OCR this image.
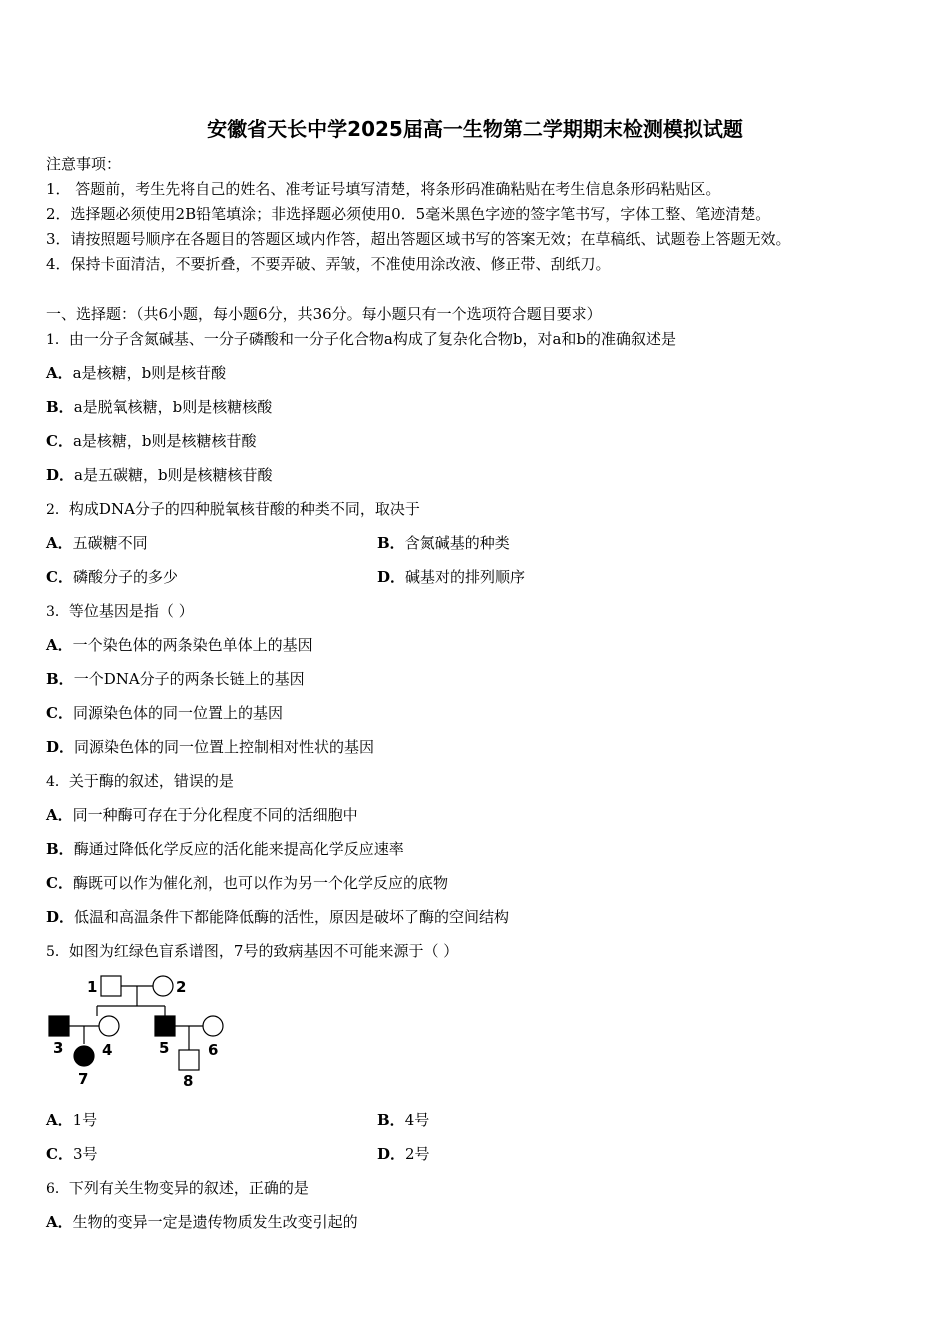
安徽省天长中学2025届高一生物第二学期期末检测模拟试题
注意事项：
1． 答题前，考生先将自己的姓名、准考证号填写清楚，将条形码准确粘贴在考生信息条形码粘贴区。
2．选择题必须使用2B铅笔填涂；非选择题必须使用0．5毫米黑色字迹的签字笔书写，字体工整、笔迹清楚。
3．请按照题号顺序在各题目的答题区域内作答，超出答题区域书写的答案无效；在草稿纸、试题卷上答题无效。
4．保持卡面清洁，不要折叠，不要弄破、弄皱，不准使用涂改液、修正带、刮纸刀。
一、选择题：（共6小题，每小题6分，共36分。每小题只有一个选项符合题目要求）
1．由一分子含氮碱基、一分子磷酸和一分子化合物a构成了复杂化合物b，对a和b的准确叙述是
A．a是核糖，b则是核苷酸
B．a是脱氧核糖，b则是核糖核酸
C．a是核糖，b则是核糖核苷酸
D．a是五碳糖，b则是核糖核苷酸
2．构成DNA分子的四种脱氧核苷酸的种类不同，取决于
A．五碳糖不同	B．含氮碱基的种类
C．磷酸分子的多少	D．碱基对的排列顺序
3．等位基因是指（ ）
A．一个染色体的两条染色单体上的基因
B．一个DNA分子的两条长链上的基因
C．同源染色体的同一位置上的基因
D．同源染色体的同一位置上控制相对性状的基因
4．关于酶的叙述，错误的是
A．同一种酶可存在于分化程度不同的活细胞中
B．酶通过降低化学反应的活化能来提高化学反应速率
C．酶既可以作为催化剂，也可以作为另一个化学反应的底物
D．低温和高温条件下都能降低酶的活性，原因是破坏了酶的空间结构
5．如图为红绿色盲系谱图，7号的致病基因不可能来源于（ ）
1	2
3	4	5	6
7	8
A．1号	B．4号
C．3号	D．2号
6．下列有关生物变异的叙述，正确的是
A．生物的变异一定是遗传物质发生改变引起的
